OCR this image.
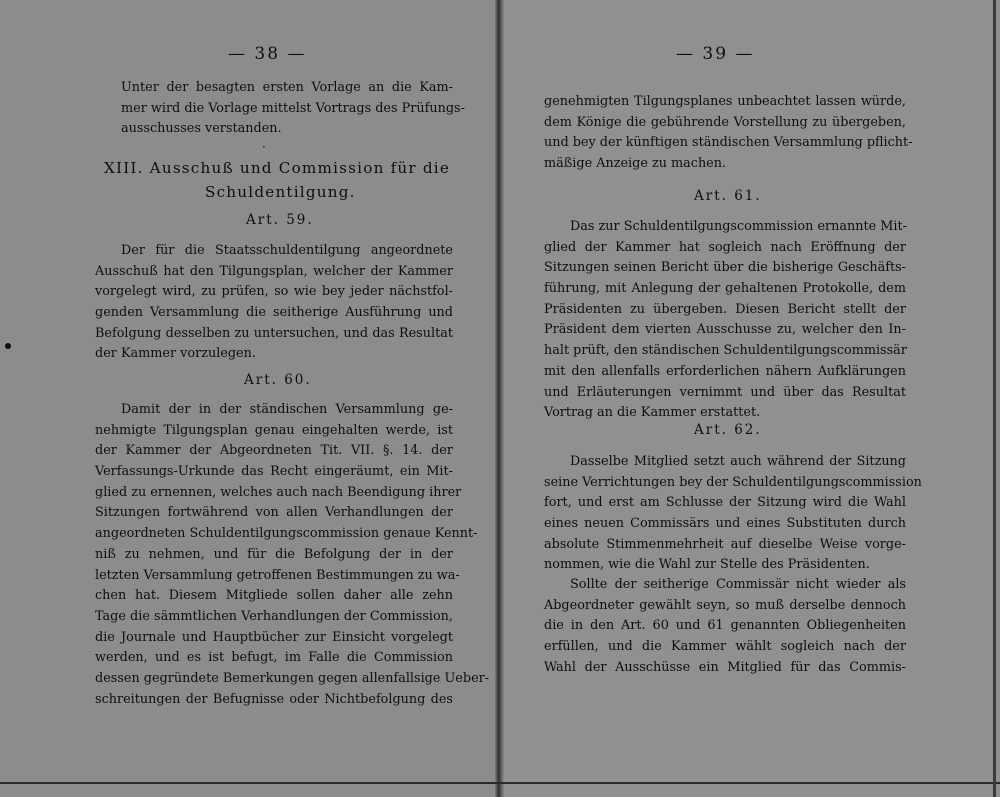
— 38 —
Unter der besagten ersten Vorlage an die Kam-
mer wird die Vorlage mittelst Vortrags des Prüfungs-
ausschusses verstanden.
·
XIII. Ausschuß und Commission für die
Schuldentilgung.
Art. 59.
Der für die Staatsschuldentilgung angeordnete
Ausschuß hat den Tilgungsplan, welcher der Kammer
vorgelegt wird, zu prüfen, so wie bey jeder nächstfol-
genden Versammlung die seitherige Ausführung und
Befolgung desselben zu untersuchen, und das Resultat
der Kammer vorzulegen.
Art. 60.
Damit der in der ständischen Versammlung ge-
nehmigte Tilgungsplan genau eingehalten werde, ist
der Kammer der Abgeordneten Tit. VII. §. 14. der
Verfassungs-Urkunde das Recht eingeräumt, ein Mit-
glied zu ernennen, welches auch nach Beendigung ihrer
Sitzungen fortwährend von allen Verhandlungen der
angeordneten Schuldentilgungscommission genaue Kennt-
niß zu nehmen, und für die Befolgung der in der
letzten Versammlung getroffenen Bestimmungen zu wa-
chen hat. Diesem Mitgliede sollen daher alle zehn
Tage die sämmtlichen Verhandlungen der Commission,
die Journale und Hauptbücher zur Einsicht vorgelegt
werden, und es ist befugt, im Falle die Commission
dessen gegründete Bemerkungen gegen allenfallsige Ueber-
schreitungen der Befugnisse oder Nichtbefolgung des
— 39 —
genehmigten Tilgungsplanes unbeachtet lassen würde,
dem Könige die gebührende Vorstellung zu übergeben,
und bey der künftigen ständischen Versammlung pflicht-
mäßige Anzeige zu machen.
Art. 61.
Das zur Schuldentilgungscommission ernannte Mit-
glied der Kammer hat sogleich nach Eröffnung der
Sitzungen seinen Bericht über die bisherige Geschäfts-
führung, mit Anlegung der gehaltenen Protokolle, dem
Präsidenten zu übergeben. Diesen Bericht stellt der
Präsident dem vierten Ausschusse zu, welcher den In-
halt prüft, den ständischen Schuldentilgungscommissär
mit den allenfalls erforderlichen nähern Aufklärungen
und Erläuterungen vernimmt und über das Resultat
Vortrag an die Kammer erstattet.
Art. 62.
Dasselbe Mitglied setzt auch während der Sitzung
seine Verrichtungen bey der Schuldentilgungscommission
fort, und erst am Schlusse der Sitzung wird die Wahl
eines neuen Commissärs und eines Substituten durch
absolute Stimmenmehrheit auf dieselbe Weise vorge-
nommen, wie die Wahl zur Stelle des Präsidenten.
Sollte der seitherige Commissär nicht wieder als
Abgeordneter gewählt seyn, so muß derselbe dennoch
die in den Art. 60 und 61 genannten Obliegenheiten
erfüllen, und die Kammer wählt sogleich nach der
Wahl der Ausschüsse ein Mitglied für das Commis-
